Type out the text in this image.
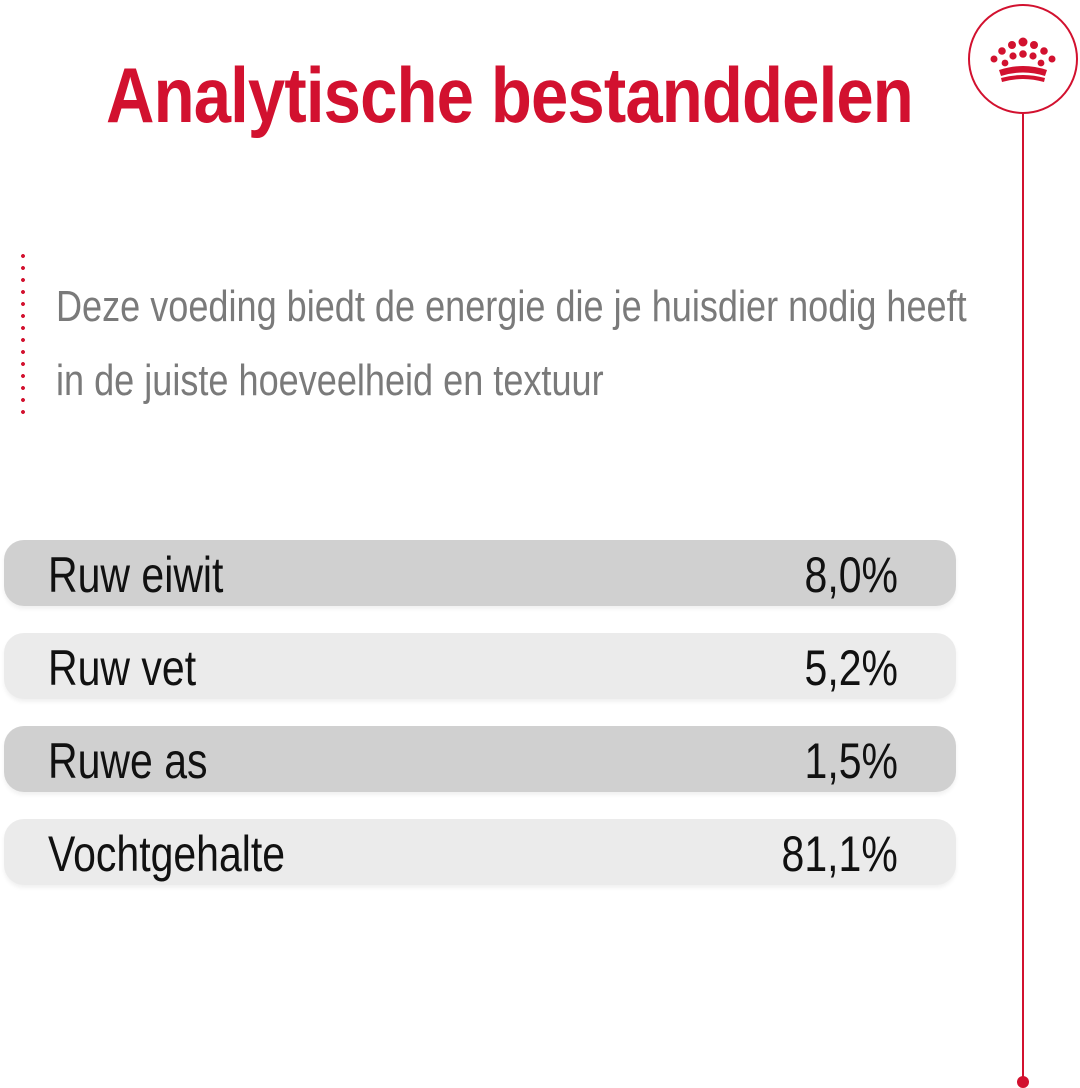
Analytische bestanddelen

Deze voeding biedt de energie die je huisdier nodig heeft
in de juiste hoeveelheid en textuur

Ruw eiwit	8,0%
Ruw vet	5,2%
Ruwe as	1,5%
Vochtgehalte	81,1%
